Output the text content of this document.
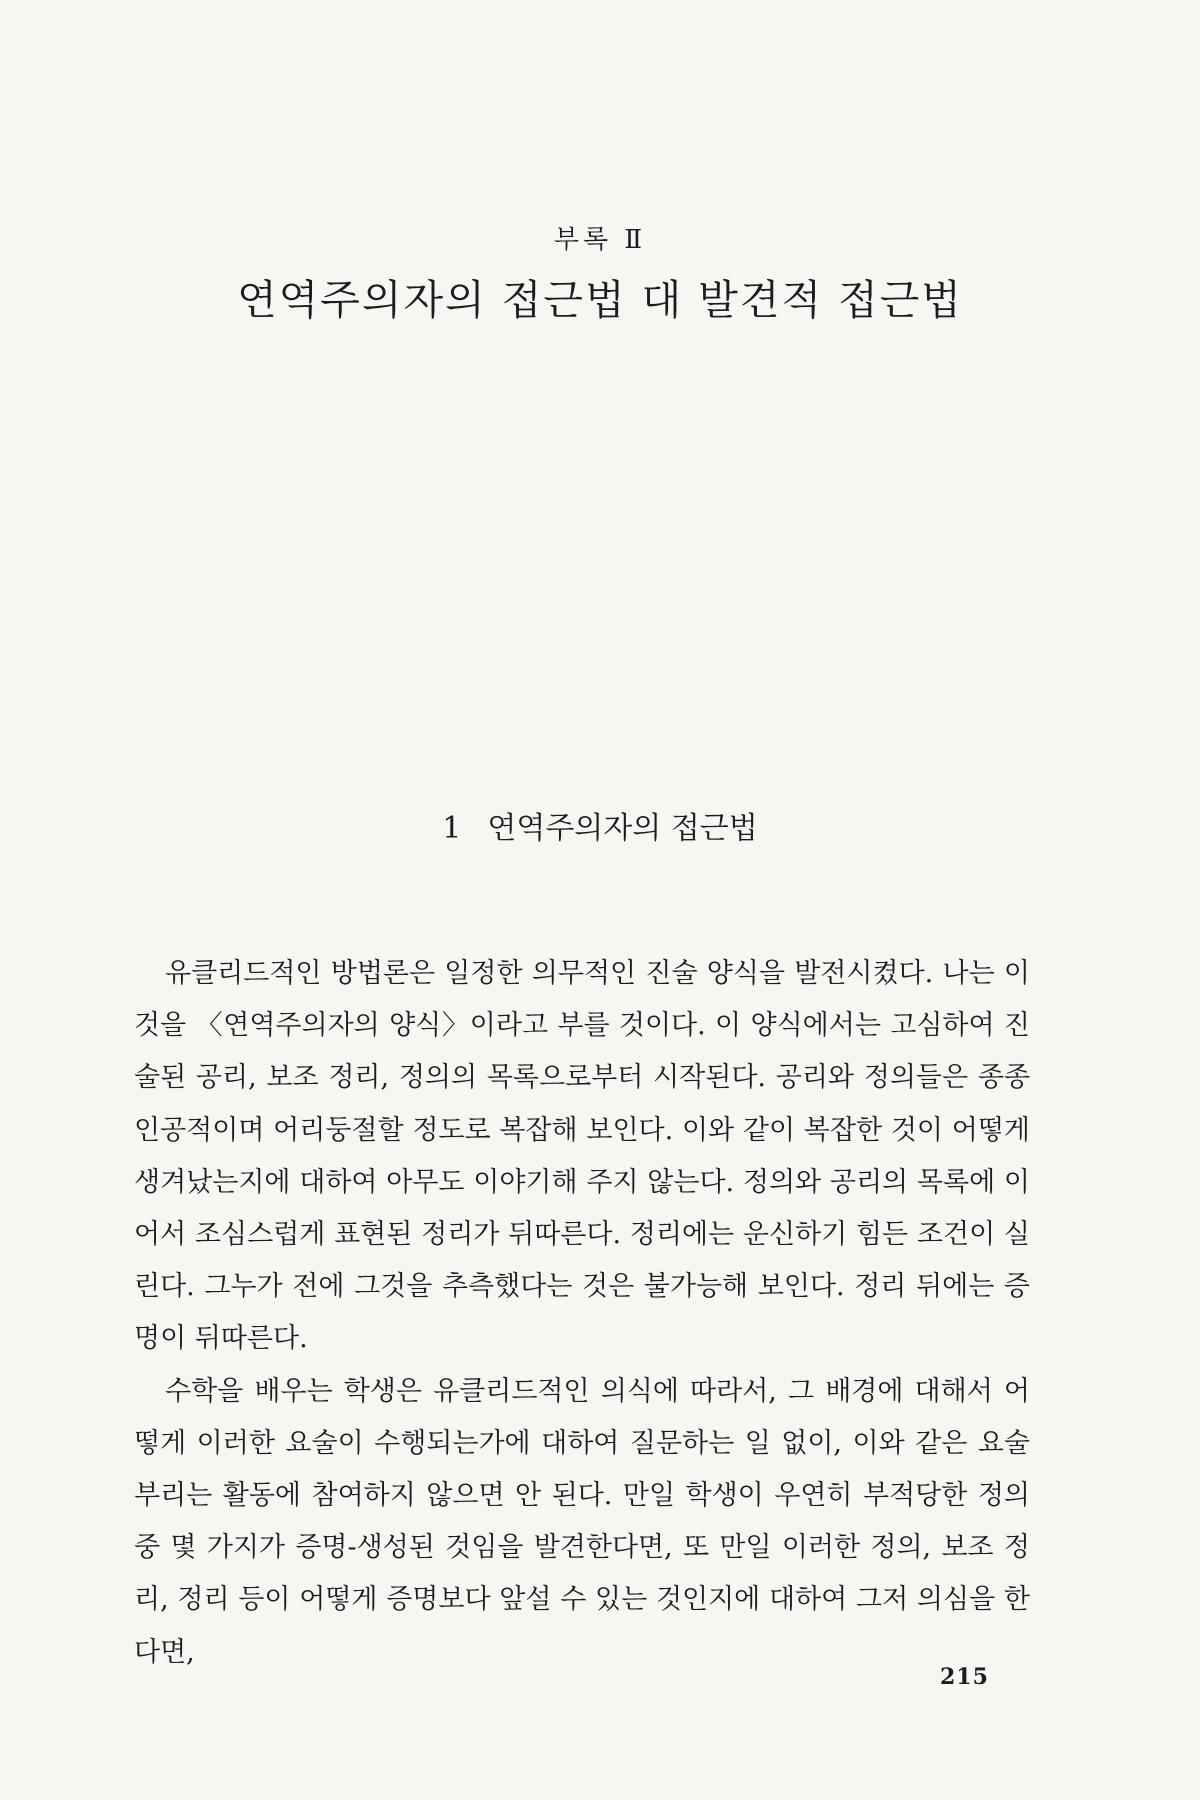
부록 Ⅱ
연역주의자의 접근법 대 발견적 접근법
1 연역주의자의 접근법

유클리드적인 방법론은 일정한 의무적인 진술 양식을 발전시켰다. 나는 이것을 〈연역주의자의 양식〉이라고 부를 것이다. 이 양식에서는 고심하여 진술된 공리, 보조 정리, 정의의 목록으로부터 시작된다. 공리와 정의들은 종종 인공적이며 어리둥절할 정도로 복잡해 보인다. 이와 같이 복잡한 것이 어떻게 생겨났는지에 대하여 아무도 이야기해 주지 않는다. 정의와 공리의 목록에 이어서 조심스럽게 표현된 정리가 뒤따른다. 정리에는 운신하기 힘든 조건이 실린다. 그누가 전에 그것을 추측했다는 것은 불가능해 보인다. 정리 뒤에는 증명이 뒤따른다.

수학을 배우는 학생은 유클리드적인 의식에 따라서, 그 배경에 대해서 어떻게 이러한 요술이 수행되는가에 대하여 질문하는 일 없이, 이와 같은 요술부리는 활동에 참여하지 않으면 안 된다. 만일 학생이 우연히 부적당한 정의 중 몇 가지가 증명-생성된 것임을 발견한다면, 또 만일 이러한 정의, 보조 정리, 정리 등이 어떻게 증명보다 앞설 수 있는 것인지에 대하여 그저 의심을 한다면,

215
